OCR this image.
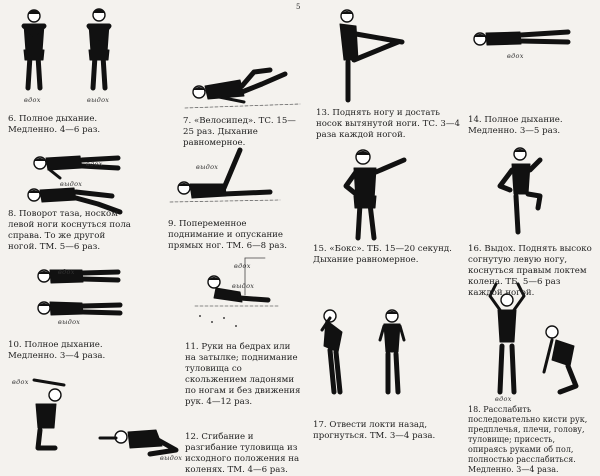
вдох	выдох
вдох
выдох
выдох
вдох
выдох
вдох
выдох
вдох
выдох
вдох
вдох

6. Полное дыхание. Медленно. 4—6 раз.

7. «Велосипед». ТС. 15—25 раз. Дыхание равномерное.

8. Поворот таза, носком левой ноги коснуться пола справа. То же другой ногой. ТМ. 5—6 раз.

9. Попеременное поднимание и опускание прямых ног. ТМ. 6—8 раз.

10. Полное дыхание. Медленно. 3—4 раза.

11. Руки на бедрах или на затылке; поднимание туловища со скольжением ладонями по ногам и без движения рук. 4—12 раз.

12. Сгибание и разгибание туловища из исходного положения на коленях. ТМ. 4—6 раз.

13. Поднять ногу и достать носок вытянутой ноги. ТС. 3—4 раза каждой ногой.

14. Полное дыхание. Медленно. 3—5 раз.

15. «Бокс». ТБ. 15—20 секунд. Дыхание равномерное.

16. Выдох. Поднять высоко согнутую левую ногу, коснуться правым локтем колена. ТБ. 5—6 раз каждой ногой.

17. Отвести локти назад, прогнуться. ТМ. 3—4 раза.

18. Расслабить последовательно кисти рук, предплечья, плечи, голову, туловище; присесть, опираясь руками об пол, полностью расслабиться. Медленно. 3—4 раза.

5
